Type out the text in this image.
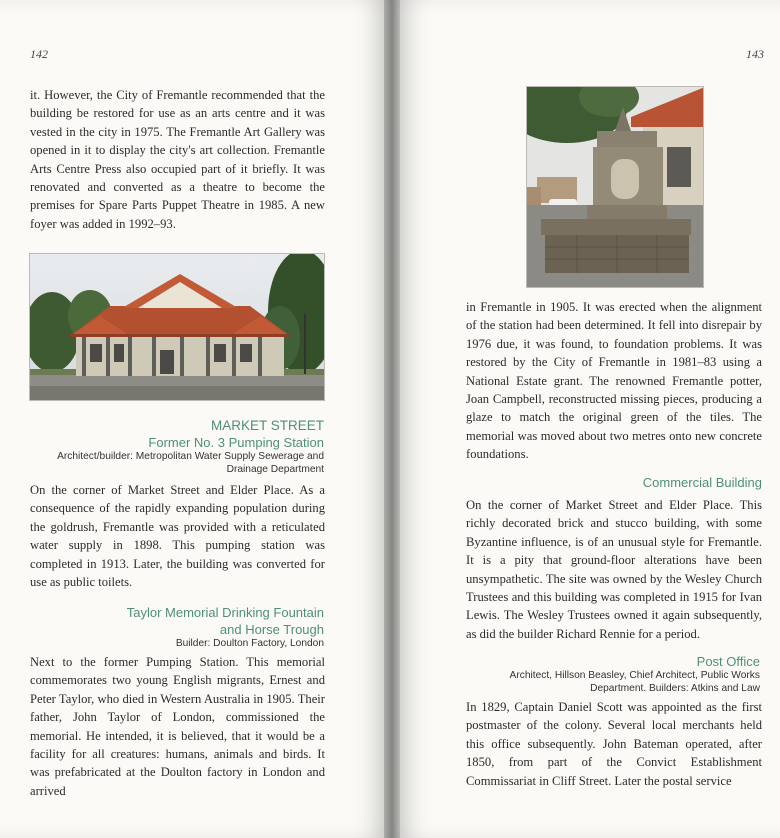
142
it. However, the City of Fremantle recommended that the building be restored for use as an arts centre and it was vested in the city in 1975. The Fremantle Art Gallery was opened in it to display the city's art collection. Fremantle Arts Centre Press also occupied part of it briefly. It was renovated and converted as a theatre to become the premises for Spare Parts Puppet Theatre in 1985. A new foyer was added in 1992–93.
MARKET STREET
Former No. 3 Pumping Station
Architect/builder: Metropolitan Water Supply Sewerage and Drainage Department
On the corner of Market Street and Elder Place. As a consequence of the rapidly expanding population during the goldrush, Fremantle was provided with a reticulated water supply in 1898. This pumping station was completed in 1913. Later, the building was converted for use as public toilets.
Taylor Memorial Drinking Fountain
and Horse Trough
Builder: Doulton Factory, London
Next to the former Pumping Station. This memorial commemorates two young English migrants, Ernest and Peter Taylor, who died in Western Australia in 1905. Their father, John Taylor of London, commissioned the memorial. He intended, it is believed, that it would be a facility for all creatures: humans, animals and birds. It was prefabricated at the Doulton factory in London and arrived
143
in Fremantle in 1905. It was erected when the alignment of the station had been determined. It fell into disrepair by 1976 due, it was found, to foundation problems. It was restored by the City of Fremantle in 1981–83 using a National Estate grant. The renowned Fremantle potter, Joan Campbell, reconstructed missing pieces, producing a glaze to match the original green of the tiles. The memorial was moved about two metres onto new concrete foundations.
Commercial Building
On the corner of Market Street and Elder Place. This richly decorated brick and stucco building, with some Byzantine influence, is of an unusual style for Fremantle. It is a pity that ground-floor alterations have been unsympathetic. The site was owned by the Wesley Church Trustees and this building was completed in 1915 for Ivan Lewis. The Wesley Trustees owned it again subsequently, as did the builder Richard Rennie for a period.
Post Office
Architect, Hillson Beasley, Chief Architect, Public Works
Department. Builders: Atkins and Law
In 1829, Captain Daniel Scott was appointed as the first postmaster of the colony. Several local merchants held this office subsequently. John Bateman operated, after 1850, from part of the Convict Establishment Commissariat in Cliff Street. Later the postal service
